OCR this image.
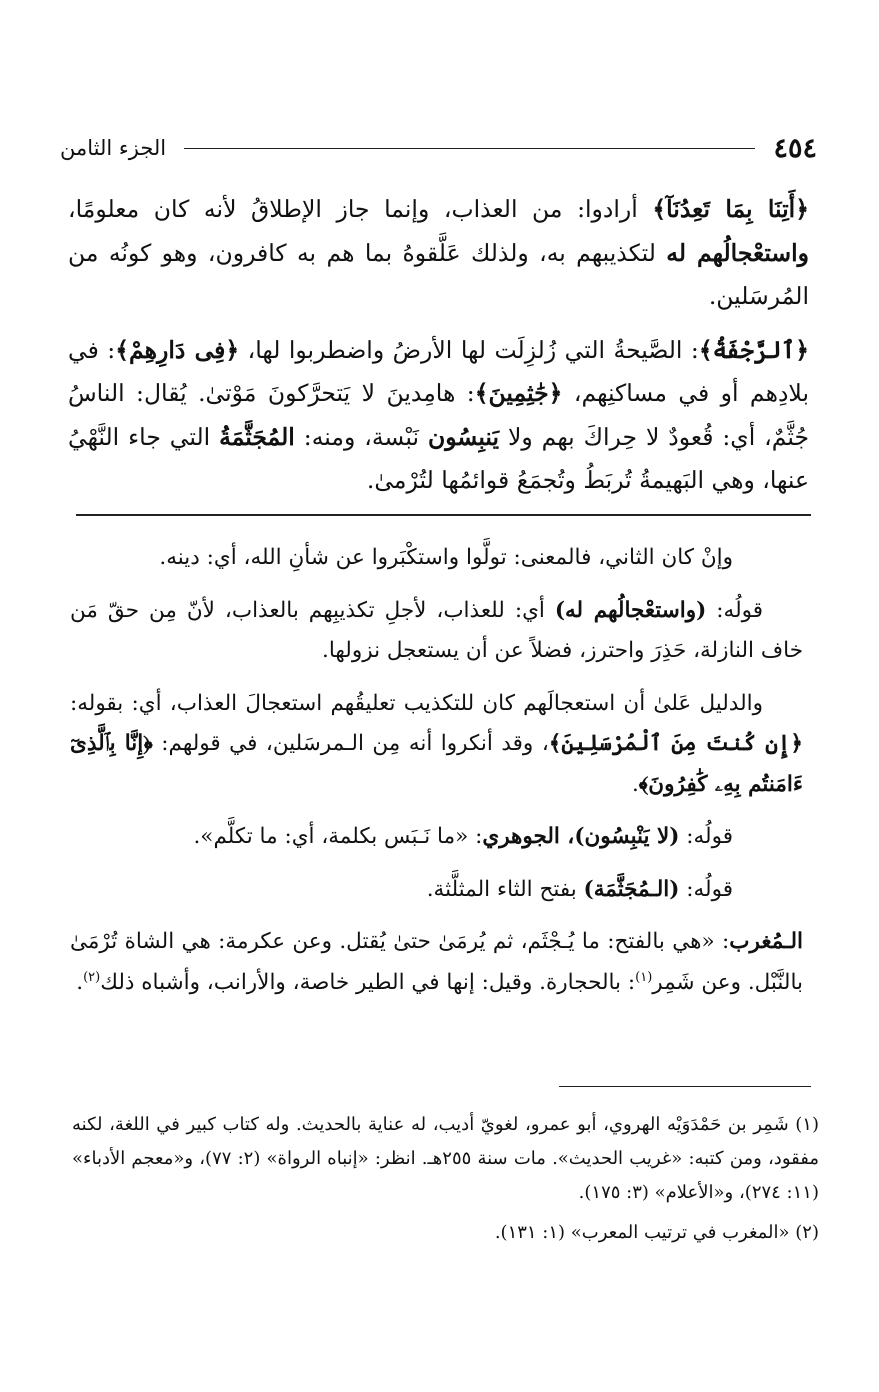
٤٥٤
الجزء الثامن

﴿أَتِنَا بِمَا تَعِدُنَآ﴾ أرادوا: من العذاب، وإنما جاز الإطلاقُ لأنه كان معلومًا، واستعْجالُهم له لتكذيبهم به، ولذلك عَلَّقوهُ بما هم به كافرون، وهو كونُه من المُرسَلين.

﴿ٱلرَّجْفَةُ﴾: الصَّيحةُ التي زُلزِلَت لها الأرضُ واضطربوا لها، ﴿فِى دَارِهِمْ﴾: في بلادِهم أو في مساكنِهم، ﴿جَٰثِمِينَ﴾: هامِدينَ لا يَتحرَّكونَ مَوْتىٰ. يُقال: الناسُ جُثَّمٌ، أي: قُعودٌ لا حِراكَ بهم ولا يَنبِسُون نَبْسة، ومنه: المُجَثَّمَةُ التي جاء النَّهْيُ عنها، وهي البَهيمةُ تُربَطُ وتُجمَعُ قوائمُها لتُرْمىٰ.

وإنْ كان الثاني، فالمعنى: تولَّوا واستكْبَروا عن شأنِ الله، أي: دينه.

قولُه: (واستعْجالُهم له) أي: للعذاب، لأجلِ تكذيبِهم بالعذاب، لأنّ مِن حقّ مَن خاف النازلة، حَذِرَ واحترز، فضلاً عن أن يستعجل نزولها.

والدليل عَلىٰ أن استعجالَهم كان للتكذيب تعليقُهم استعجالَ العذاب، أي: بقوله: ﴿إِن كُنتَ مِنَ ٱلْمُرْسَلِينَ﴾، وقد أنكروا أنه مِن الـمرسَلين، في قولهم: ﴿إِنَّا بِٱلَّذِىٓ ءَامَنتُم بِهِۦ كَٰفِرُونَ﴾.

قولُه: (لا يَنْبِسُون)، الجوهري: «ما نَـبَس بكلمة، أي: ما تكلَّم».

قولُه: (الـمُجَثَّمَة) بفتح الثاء المثلَّثة.

الـمُغرب: «هي بالفتح: ما يُـجْثَم، ثم يُرمَىٰ حتىٰ يُقتل. وعن عكرمة: هي الشاة تُرْمَىٰ بالنَّبْل. وعن شَمِر$^{(١)}$: بالحجارة. وقيل: إنها في الطير خاصة، والأرانب، وأشباه ذلك$^{(٢)}$.

(١) شَمِر بن حَمْدَوَيْه الهروي، أبو عمرو، لغويّ أديب، له عناية بالحديث. وله كتاب كبير في اللغة، لكنه مفقود، ومن كتبه: «غريب الحديث». مات سنة ٢٥٥هـ. انظر: «إنباه الرواة» (٢: ٧٧)، و«معجم الأدباء» (١١: ٢٧٤)، و«الأعلام» (٣: ١٧٥).

(٢) «المغرب في ترتيب المعرب» (١: ١٣١).
